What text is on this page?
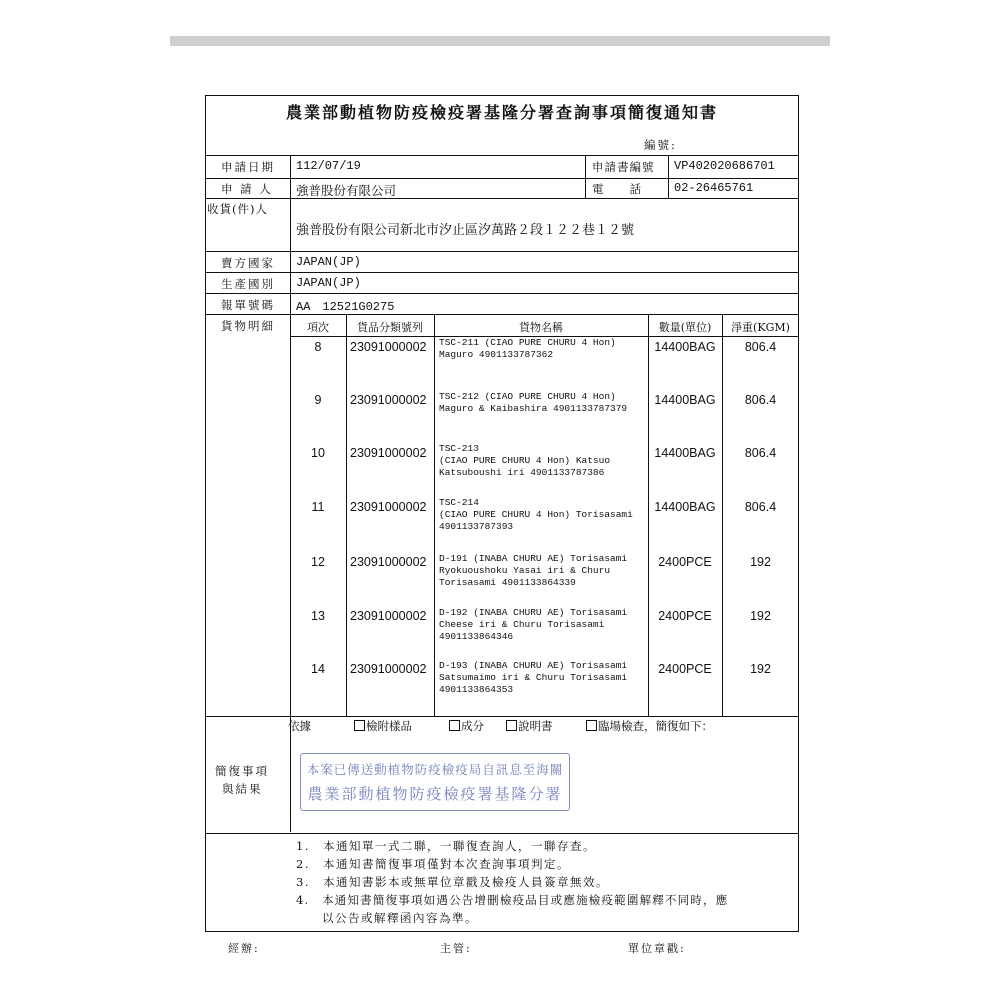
農業部動植物防疫檢疫署基隆分署查詢事項簡復通知書
編號:
申請日期 112/07/19	申請書編號 VP402020686701
申 請 人 強普股份有限公司	電　　話	02-26465761
收貨(件)人
強普股份有限公司新北市汐止區汐萬路２段１２２巷１２號
賣方國家 JAPAN(JP)
生產國別 JAPAN(JP)
報單號碼 AA　12521G0275
貨物明細	項次	貨品分類號列	貨物名稱	數量(單位)	淨重(KGM)
8	23091000002 TSC-211 (CIAO PURE CHURU 4 Hon)
Maguro 4901133787362
14400BAG	806.4
9	23091000002 TSC-212 (CIAO PURE CHURU 4 Hon)
Maguro & Kaibashira 4901133787379
14400BAG	806.4
10	23091000002 TSC-213
(CIAO PURE CHURU 4 Hon) Katsuo
Katsuboushi iri 4901133787386
14400BAG	806.4
11	23091000002 TSC-214
(CIAO PURE CHURU 4 Hon) Torisasami
4901133787393
14400BAG	806.4
12	23091000002 D-191 (INABA CHURU AE) Torisasami
Ryokuoushoku Yasai iri & Churu
Torisasami 4901133864339
2400PCE	192
13	23091000002 D-192 (INABA CHURU AE) Torisasami
Cheese iri & Churu Torisasami
4901133864346
2400PCE	192
14	23091000002 D-193 (INABA CHURU AE) Torisasami
Satsumaimo iri & Churu Torisasami
4901133864353
2400PCE	192
依據	檢附樣品	成分	說明書	臨場檢查，簡復如下：
簡復事項
與結果
本案已傳送動植物防疫檢疫局自訊息至海關
農業部動植物防疫檢疫署基隆分署
1.　本通知單一式二聯，一聯復查詢人，一聯存查。
2.　本通知書簡復事項僅對本次查詢事項判定。
3.　本通知書影本或無單位章戳及檢疫人員簽章無效。
4.　本通知書簡復事項如遇公告增刪檢疫品目或應施檢疫範圍解釋不同時，應
　　以公告或解釋函內容為準。
經辦:	主管:	單位章戳:
